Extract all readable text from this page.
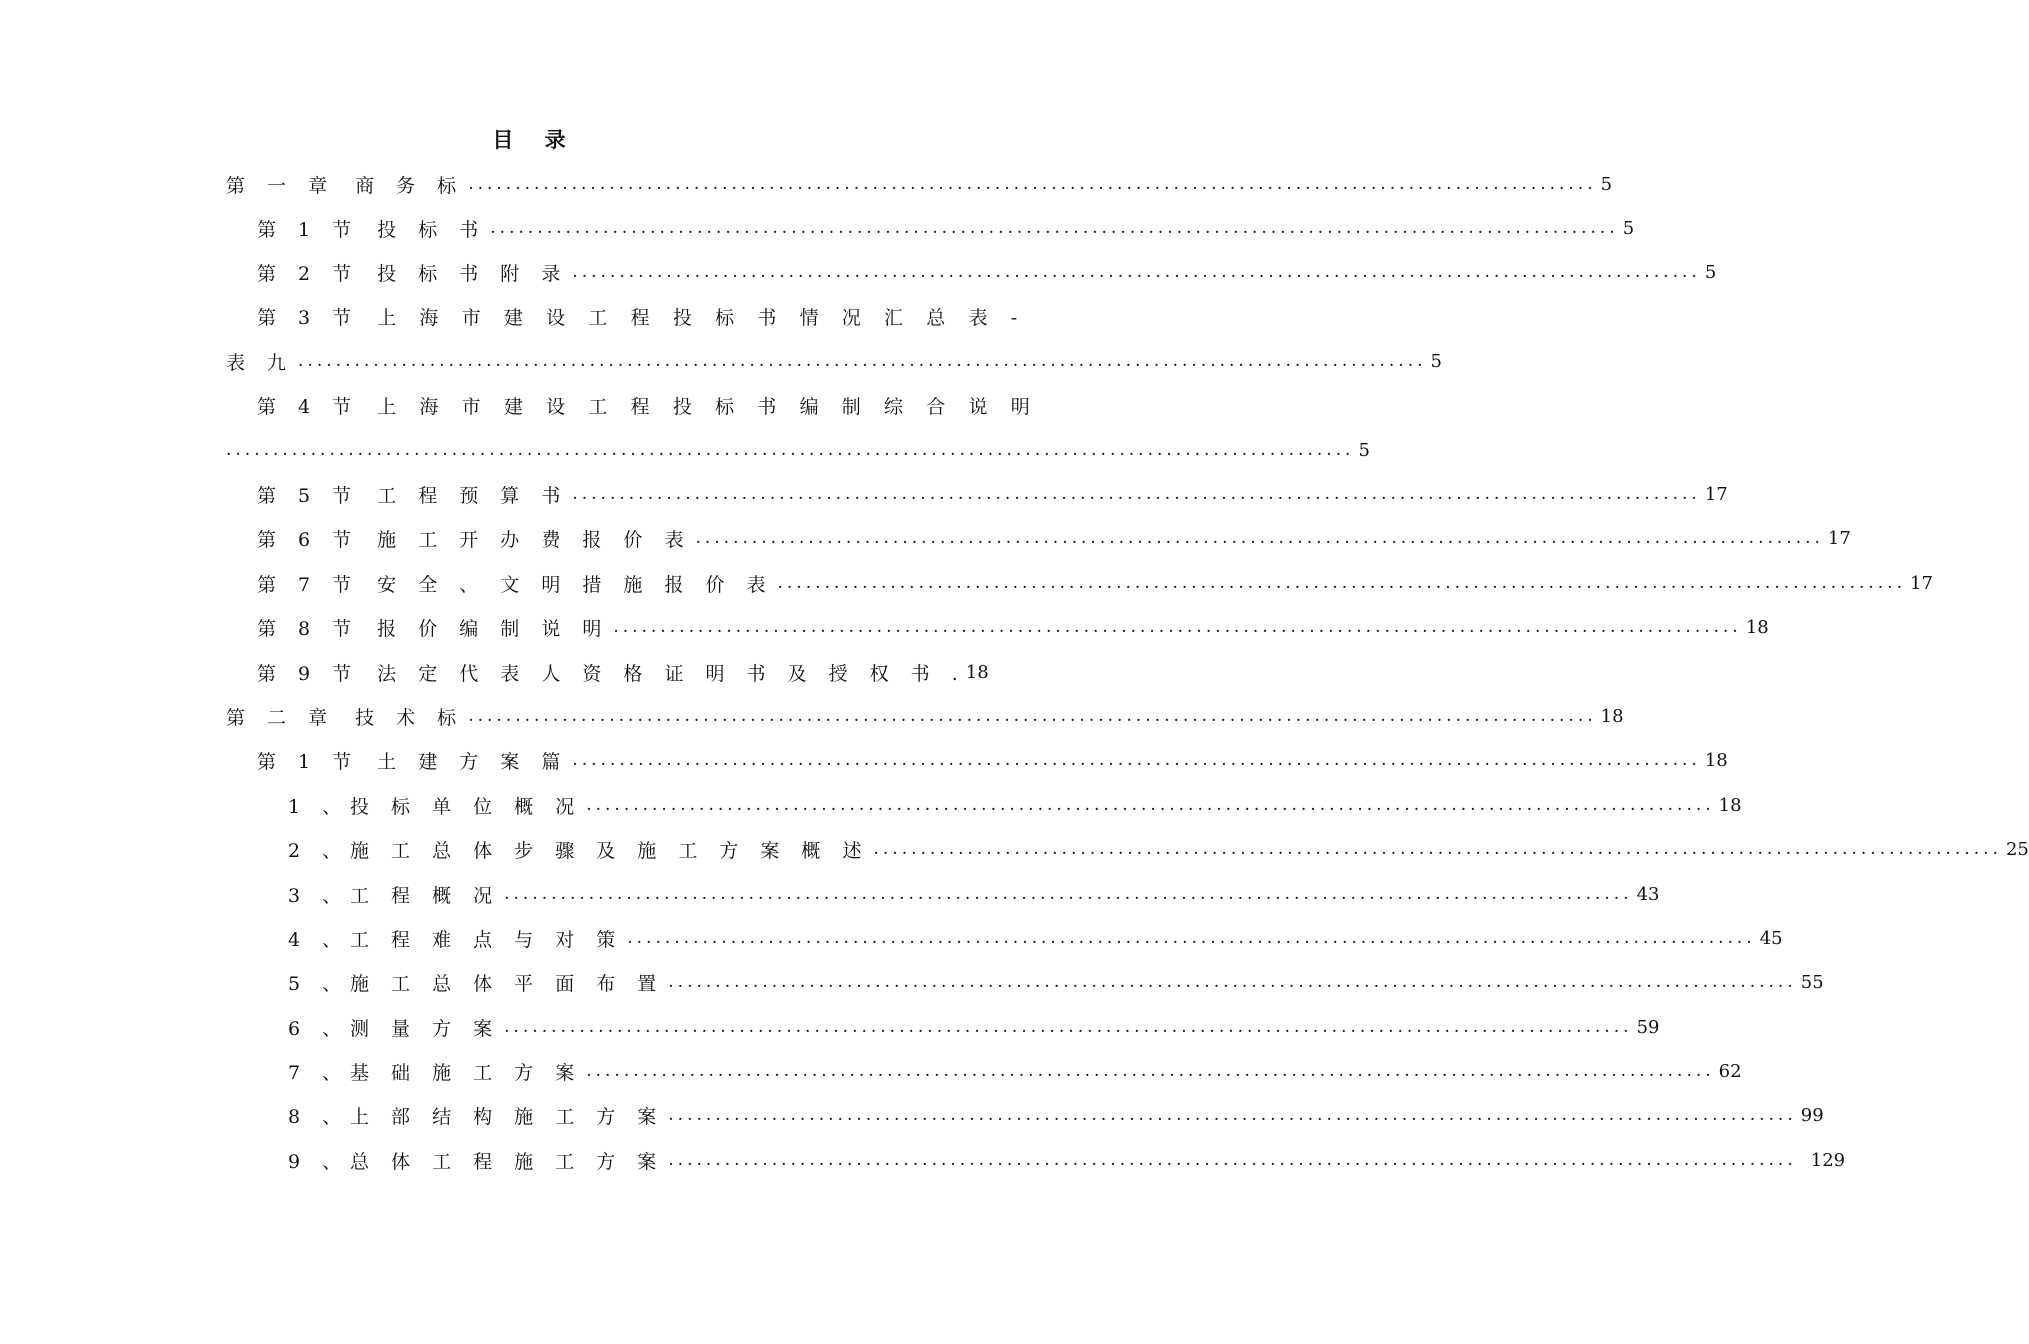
目 录
第 一 章 商 务 标 ........................................................................................................................ 5
第 1 节 投 标 书 ........................................................................................................................ 5
第 2 节 投 标 书 附 录 ........................................................................................................................ 5
第 3 节 上 海 市 建 设 工 程 投 标 书 情 况 汇 总 表 -
表 九 ........................................................................................................................ 5
第 4 节 上 海 市 建 设 工 程 投 标 书 编 制 综 合 说 明
........................................................................................................................ 5
第 5 节 工 程 预 算 书 ........................................................................................................................ 17
第 6 节 施 工 开 办 费 报 价 表 ........................................................................................................................ 17
第 7 节 安 全 、 文 明 措 施 报 价 表 ........................................................................................................................ 17
第 8 节 报 价 编 制 说 明 ........................................................................................................................ 18
第 9 节 法 定 代 表 人 资 格 证 明 书 及 授 权 书 . 18
第 二 章 技 术 标 ........................................................................................................................ 18
第 1 节 土 建 方 案 篇 ........................................................................................................................ 18
1 、 投 标 单 位 概 况 ........................................................................................................................ 18
2 、 施 工 总 体 步 骤 及 施 工 方 案 概 述 ........................................................................................................................ 25
3 、 工 程 概 况 ........................................................................................................................ 43
4 、 工 程 难 点 与 对 策 ........................................................................................................................ 45
5 、 施 工 总 体 平 面 布 置 ........................................................................................................................ 55
6 、 测 量 方 案 ........................................................................................................................ 59
7 、 基 础 施 工 方 案 ........................................................................................................................ 62
8 、 上 部 结 构 施 工 方 案 ........................................................................................................................ 99
9 、 总 体 工 程 施 工 方 案 ........................................................................................................................ 129
